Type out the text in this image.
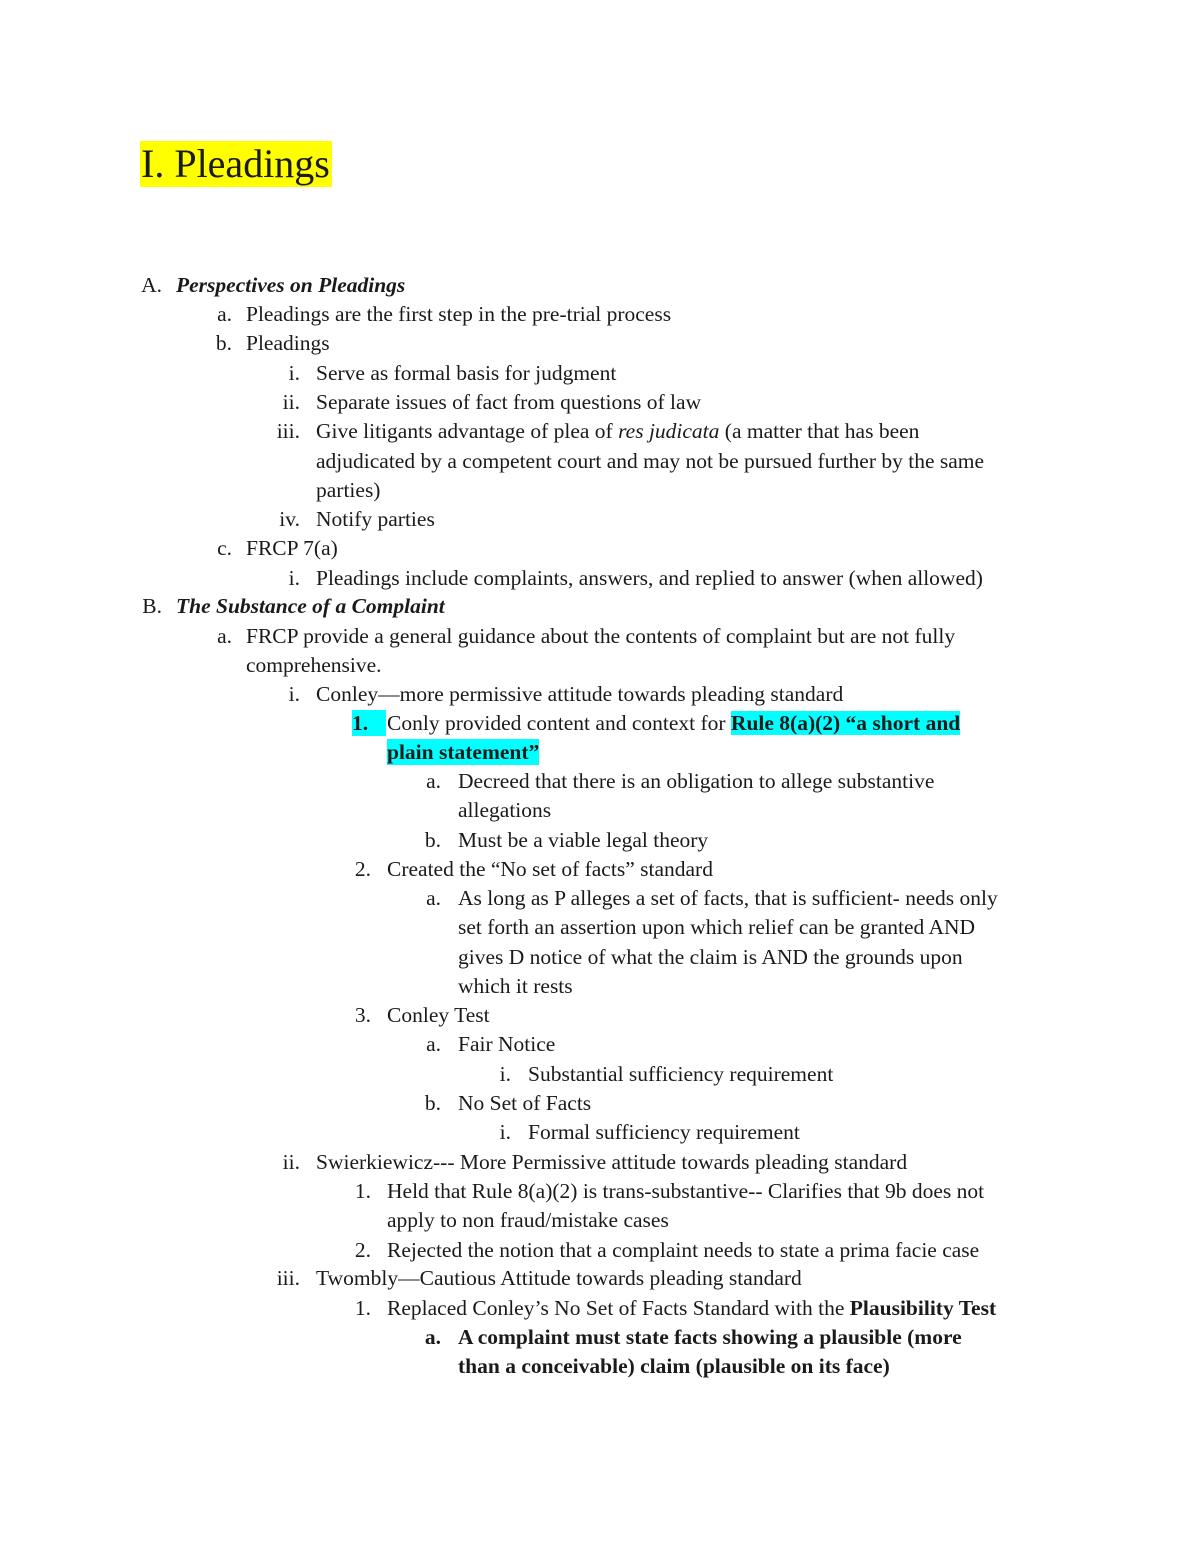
I. Pleadings
A. Perspectives on Pleadings
a. Pleadings are the first step in the pre-trial process
b. Pleadings
i. Serve as formal basis for judgment
ii. Separate issues of fact from questions of law
iii. Give litigants advantage of plea of res judicata (a matter that has been
adjudicated by a competent court and may not be pursued further by the same
parties)
iv. Notify parties
c. FRCP 7(a)
i. Pleadings include complaints, answers, and replied to answer (when allowed)
B. The Substance of a Complaint
a. FRCP provide a general guidance about the contents of complaint but are not fully
comprehensive.
i. Conley—more permissive attitude towards pleading standard
1. Conly provided content and context for Rule 8(a)(2) “a short and
plain statement”
a. Decreed that there is an obligation to allege substantive
allegations
b. Must be a viable legal theory
2. Created the “No set of facts” standard
a. As long as P alleges a set of facts, that is sufficient- needs only
set forth an assertion upon which relief can be granted AND
gives D notice of what the claim is AND the grounds upon
which it rests
3. Conley Test
a. Fair Notice
i. Substantial sufficiency requirement
b. No Set of Facts
i. Formal sufficiency requirement
ii. Swierkiewicz--- More Permissive attitude towards pleading standard
1. Held that Rule 8(a)(2) is trans-substantive-- Clarifies that 9b does not
apply to non fraud/mistake cases
2. Rejected the notion that a complaint needs to state a prima facie case
iii. Twombly—Cautious Attitude towards pleading standard
1. Replaced Conley’s No Set of Facts Standard with the Plausibility Test
a. A complaint must state facts showing a plausible (more
than a conceivable) claim (plausible on its face)
